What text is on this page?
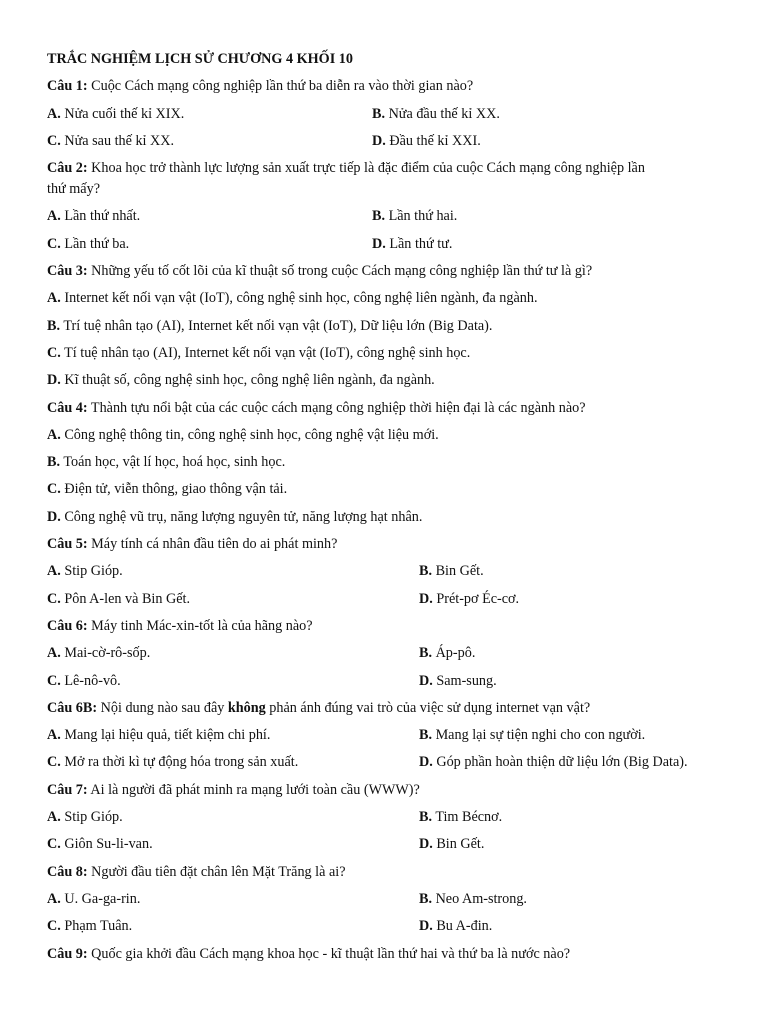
TRẮC NGHIỆM LỊCH SỬ CHƯƠNG 4 KHỐI 10
Câu 1: Cuộc Cách mạng công nghiệp lần thứ ba diễn ra vào thời gian nào?
A. Nửa cuối thế kỉ XIX.	B. Nửa đầu thế kỉ XX.
C. Nửa sau thế kỉ XX.	D. Đầu thế kỉ XXI.
Câu 2: Khoa học trở thành lực lượng sản xuất trực tiếp là đặc điểm của cuộc Cách mạng công nghiệp lần
thứ mấy?
A. Lần thứ nhất.	B. Lần thứ hai.
C. Lần thứ ba.	D. Lần thứ tư.
Câu 3: Những yếu tố cốt lõi của kĩ thuật số trong cuộc Cách mạng công nghiệp lần thứ tư là gì?
A. Internet kết nối vạn vật (IoT), công nghệ sinh học, công nghệ liên ngành, đa ngành.
B. Trí tuệ nhân tạo (AI), Internet kết nối vạn vật (IoT), Dữ liệu lớn (Big Data).
C. Tí tuệ nhân tạo (AI), Internet kết nối vạn vật (IoT), công nghệ sinh học.
D. Kĩ thuật số, công nghệ sinh học, công nghệ liên ngành, đa ngành.
Câu 4: Thành tựu nổi bật của các cuộc cách mạng công nghiệp thời hiện đại là các ngành nào?
A. Công nghệ thông tin, công nghệ sinh học, công nghệ vật liệu mới.
B. Toán học, vật lí học, hoá học, sinh học.
C. Điện tử, viễn thông, giao thông vận tải.
D. Công nghệ vũ trụ, năng lượng nguyên tử, năng lượng hạt nhân.
Câu 5: Máy tính cá nhân đầu tiên do ai phát minh?
A. Stip Gióp.	B. Bin Gết.
C. Pôn A-len và Bin Gết.	D. Prét-pơ Éc-cơ.
Câu 6: Máy tinh Mác-xin-tốt là của hãng nào?
A. Mai-cờ-rô-sốp.	B. Áp-pô.
C. Lê-nô-vô.	D. Sam-sung.
Câu 6B: Nội dung nào sau đây không phản ánh đúng vai trò của việc sử dụng internet vạn vật?
A. Mang lại hiệu quả, tiết kiệm chi phí.	B. Mang lại sự tiện nghi cho con người.
C. Mở ra thời kì tự động hóa trong sản xuất.	D. Góp phần hoàn thiện dữ liệu lớn (Big Data).
Câu 7: Ai là người đã phát minh ra mạng lưới toàn cầu (WWW)?
A. Stip Gióp.	B. Tim Bécnơ.
C. Giôn Su-li-van.	D. Bin Gết.
Câu 8: Người đầu tiên đặt chân lên Mặt Trăng là ai?
A. U. Ga-ga-rin.	B. Neo Am-strong.
C. Phạm Tuân.	D. Bu A-đin.
Câu 9: Quốc gia khởi đầu Cách mạng khoa học - kĩ thuật lần thứ hai và thứ ba là nước nào?
